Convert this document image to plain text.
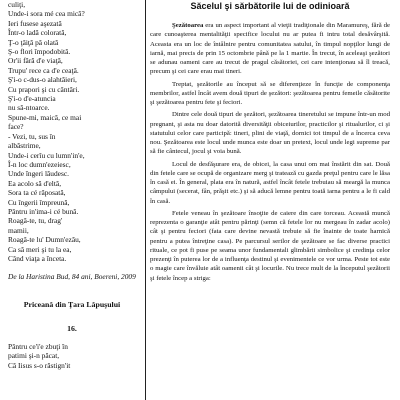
culiţi,

Unde-i sora mé cea mică?

Ieri fusese aşezată

Într-o ladă colorată,

Ţ-o ţâiţă pă olată

Ş-o flori împodobită.

Or'ii fără d'e viaţă,

Trupu' rece ca d'e ceaţă.

Ş'i-o c-dus-o alahtăieri,

Cu prapori şi cu cântări.

Ş'i-o d'e-atuncia

nu să-ntoarce.

Spune-mi, maică, ce mai

face?

- Vezi, tu, sus în

albăstrime,

Unde-i cerîu cu lumn'in'e,

Î-n loc dumn'ezeiesc,

Unde îngeri lăudesc.

Ea acolo să d'eltă,

Sora ta cé răposată,

Cu îngerii împreună,

Pântru in'ima-i cé bună.

Roagă-te, tu, drag'

mamii,

Roagă-te lu' Dumn'ezău,

Ca să meri şi tu la ea,

Când viaţa a înceta.

De la Haristina Bud, 84 ani, Boereni, 2009

Priceană din Ţara Lăpuşului

16.

Pântru ce'i'e zbuţi în

patimi şi-n păcat,

Că Iisus s-o răstign'it

Săcelul şi sărbătorile lui de odinioară

Şezătoarea era un aspect important al vieţii tradiţionale din Maramureş, fără de care cunoaşterea mentalităţii specifice locului nu ar putea fi intru total desăvârşită. Aceasta era un loc de întâlnire pentru comunitatea satului, în timpul nopţilor lungi de iarnă, mai precis de prin 15 octombrie până pe la 1 martie. În trecut, în aceleaşi şezători se adunau oameni care au trecut de pragul căsătoriei, cei care intenţionau să îl treacă, precum şi cei care erau mai tineri.

Treptat, şezătorile au început să se diferenţieze în funcţie de componenţa membrilor, astfel încât avem două tipuri de şezători: şezătoarea pentru femeile căsătorite şi şezătoarea pentru fete şi feciori.

Dintre cele două tipuri de şezători, şezătoarea tineretului se impune într-un mod pregnant, şi asta nu doar datorită diversităţii obiceiurilor, practicilor şi ritualurilor, ci şi statutului celor care participă: tineri, plini de viaţă, dornici tot timpul de a încerca ceva nou. Şezătoarea este locul unde munca este doar un pretext, locul unde legi supreme par să fie cântecul, jocul şi voia bună.

Locul de desfăşurare era, de obicei, la casa unui om mai înstărit din sat. Două din fetele care se ocupă de organizare merg şi tratează cu gazda preţul pentru care le lăsa în casă ei. În general, plata era în natură, astfel încât fetele trebuiau să meargă la munca câmpului (secerat, fân, prăşit etc.) şi să aducă lemne pentru toată iarna pentru a le fi cald în casă.

Fetele veneau în şezătoare însoţite de caiere din care torceau. Această muncă reprezenta o garanţie atât pentru părinţi (semn că fetele lor nu mergeau în zadar acolo) cât şi pentru feciori (fata care devine nevastă trebuie să fie înainte de toate harnică pentru a putea întreţine casa). Pe parcursul serilor de şezătoare se fac diverse practici rituale, ce pot fi puse pe seama unor fundamentali glimbării simbolice şi credinţa celor prezenţi în puterea lor de a influenţa destinul şi evenimentele ce vor urma. Peste tot este o magie care învăluie atât oamenii cât şi locurile. Nu trece mult de la începutul şezătorii şi fetele încep a striga:
